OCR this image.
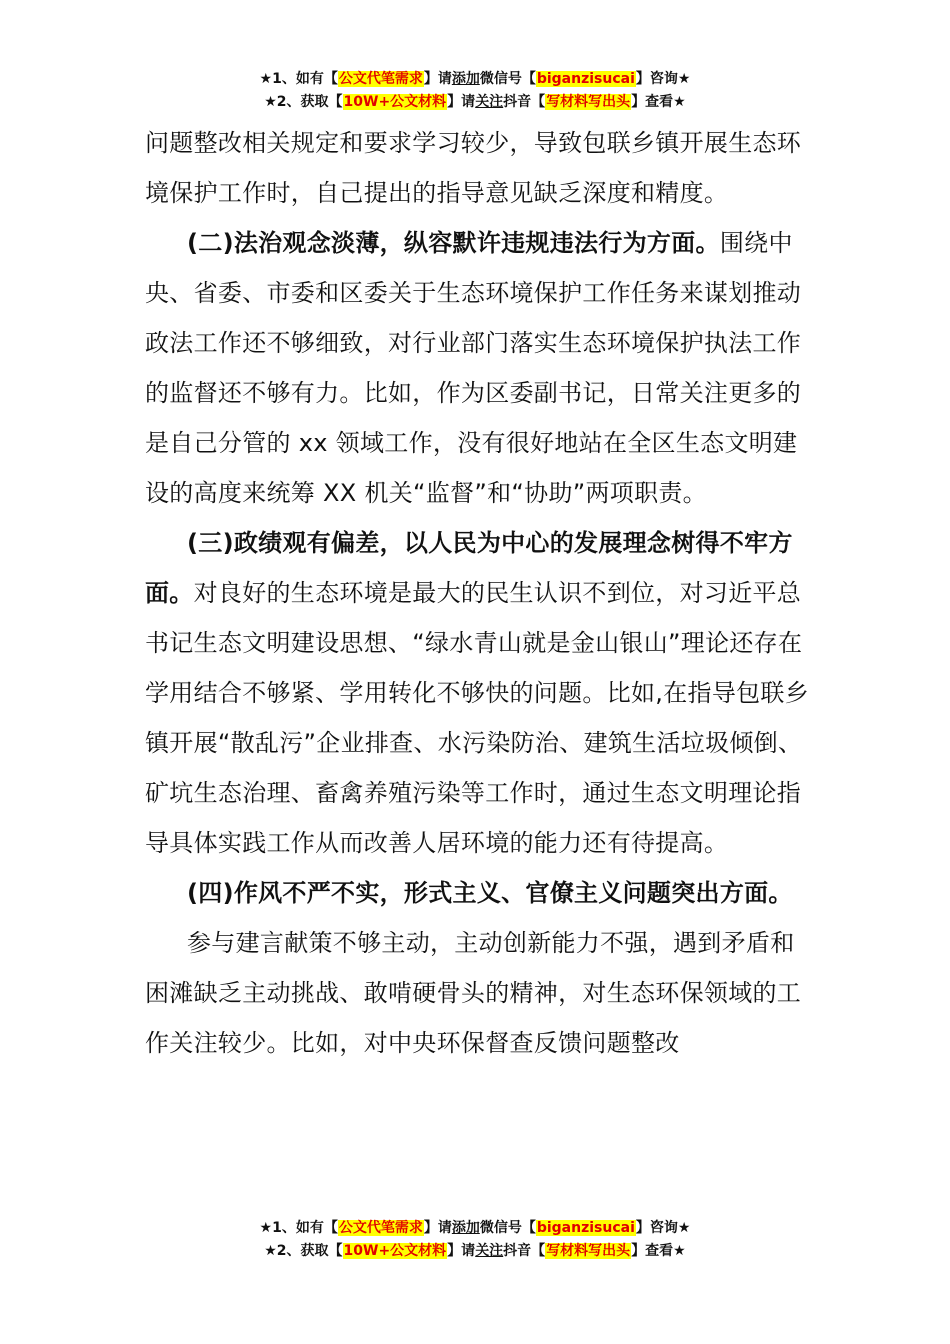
★1、如有【公文代笔需求】请添加微信号【biganzisucai】咨询★
★2、获取【10W+公文材料】请关注抖音【写材料写出头】查看★

问题整改相关规定和要求学习较少，导致包联乡镇开展生态环境保护工作时，自己提出的指导意见缺乏深度和精度。

(二)法治观念淡薄，纵容默许违规违法行为方面。围绕中央、省委、市委和区委关于生态环境保护工作任务来谋划推动政法工作还不够细致，对行业部门落实生态环境保护执法工作的监督还不够有力。比如，作为区委副书记，日常关注更多的是自己分管的 xx 领域工作，没有很好地站在全区生态文明建设的高度来统筹 XX 机关“监督”和“协助”两项职责。

(三)政绩观有偏差，以人民为中心的发展理念树得不牢方面。对良好的生态环境是最大的民生认识不到位，对习近平总书记生态文明建设思想、“绿水青山就是金山银山”理论还存在学用结合不够紧、学用转化不够快的问题。比如,在指导包联乡镇开展“散乱污”企业排查、水污染防治、建筑生活垃圾倾倒、矿坑生态治理、畜禽养殖污染等工作时，通过生态文明理论指导具体实践工作从而改善人居环境的能力还有待提高。

(四)作风不严不实，形式主义、官僚主义问题突出方面。

参与建言献策不够主动，主动创新能力不强，遇到矛盾和困滩缺乏主动挑战、敢啃硬骨头的精神，对生态环保领域的工作关注较少。比如，对中央环保督查反馈问题整改

★1、如有【公文代笔需求】请添加微信号【biganzisucai】咨询★
★2、获取【10W+公文材料】请关注抖音【写材料写出头】查看★
